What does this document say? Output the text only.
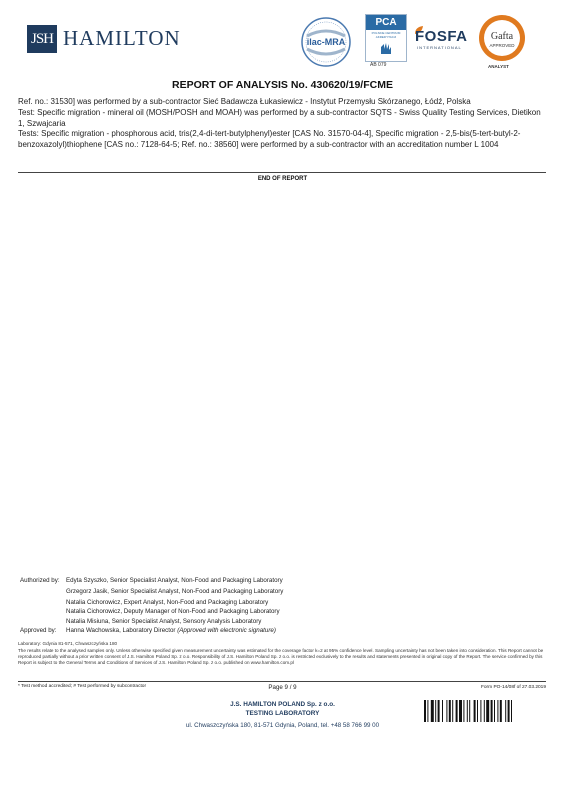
JSH HAMILTON	ilac-MRA
PCA
POLSKIE CENTRUM AKREDYTACJI
AB 079
FOSFA
INTERNATIONAL
Gafta
APPROVED
ANALYST
REPORT OF ANALYSIS No. 430620/19/FCME
Ref. no.: 31530] was performed by a sub-contractor Sieć Badawcza Łukasiewicz - Instytut Przemysłu Skórzanego, Łódź, Polska
Test: Specific migration - mineral oil (MOSH/POSH and MOAH) was performed by a sub-contractor SQTS - Swiss Quality Testing Services, Dietikon 1, Szwajcaria
Tests: Specific migration - phosphorous acid, tris(2,4-di-tert-butylphenyl)ester [CAS No. 31570-04-4], Specific migration - 2,5-bis(5-tert-butyl-2-benzoxazolyl)thiophene [CAS no.: 7128-64-5; Ref. no.: 38560] were performed by a sub-contractor with an accreditation number L 1004
END OF REPORT
Authorized by: Edyta Szyszko, Senior Specialist Analyst, Non-Food and Packaging Laboratory
Grzegorz Jasik, Senior Specialist Analyst, Non-Food and Packaging Laboratory
Natalia Cichorowicz, Expert Analyst, Non-Food and Packaging Laboratory
Natalia Cichorowicz, Deputy Manager of Non-Food and Packaging Laboratory
Natalia Misiuna, Senior Specialist Analyst, Sensory Analysis Laboratory
Approved by: Hanna Wachowska, Laboratory Director (Approved with electronic signature)
Laboratory: Gdynia 81-571, Chwaszczyńska 180
The results relate to the analysed samples only. Unless otherwise specified given measurement uncertainty was estimated for the coverage factor k=2 at 95% confidence level. Sampling uncertainty has not been taken into consideration. This Report cannot be reproduced partially without a prior written consent of J.S. Hamilton Poland Sp. z o.o. Responsibility of J.S. Hamilton Poland Sp. z o.o. is restricted exclusively to the results and statements presented in original copy of the Report. The service confirmed by this Report is subject to the General Terms and Conditions of Services of J.S. Hamilton Poland Sp. z o.o. published on www.hamilton.com.pl
* Test method accredited; # Test performed by subcontractor	Page 9 / 9	Form PO-14/08f of 27.03.2019
J.S. HAMILTON POLAND Sp. z o.o.
TESTING LABORATORY
ul. Chwaszczyńska 180, 81-571 Gdynia, Poland, tel. +48 58 766 99 00
